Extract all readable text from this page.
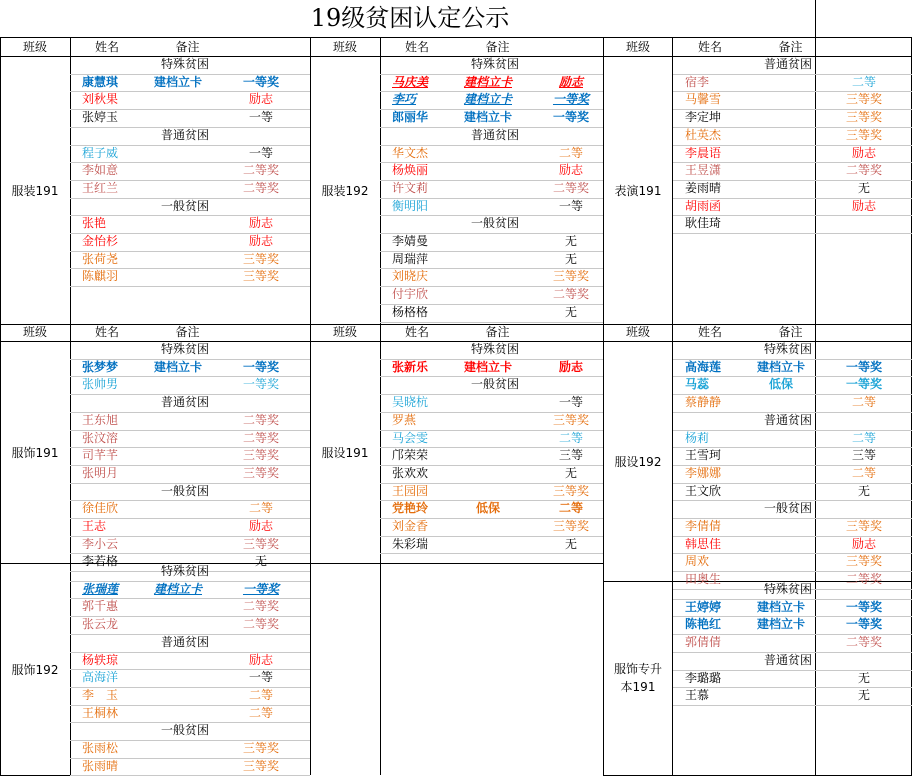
19级贫困认定公示
班级	姓名	备注
服装191
特殊贫困
康慧琪	建档立卡	一等奖
刘秋果	励志
张婷玉	一等
普通贫困
程子威	一等
李如意	二等奖
王红兰	二等奖
一般贫困
张艳	励志
金怡杉	励志
张荷尧	三等奖
陈麒羽	三等奖
班级	姓名	备注
服装192
特殊贫困
马庆美	建档立卡	励志
李巧	建档立卡	一等奖
郎丽华	建档立卡	一等奖
普通贫困
华文杰	二等
杨焕丽	励志
许文莉	二等奖
衡明阳	一等
一般贫困
李婧曼	无
周瑞萍	无
刘晓庆	三等奖
付宇欣	二等奖
杨格格	无
班级	姓名	备注
表演191
普通贫困
宿李	二等
马馨雪	三等奖
李定坤	三等奖
杜英杰	三等奖
李晨语	励志
王昱潇	二等奖
姜雨晴	无
胡雨函	励志
耿佳琦
班级	姓名	备注
服饰191
特殊贫困
张梦梦	建档立卡	一等奖
张帅男	一等奖
普通贫困
王东旭	二等奖
张汶溶	二等奖
司芊芊	三等奖
张明月	三等奖
一般贫困
徐佳欣	二等
王志	励志
李小云	三等奖
李若格	无
班级	姓名	备注
服设191
特殊贫困
张新乐	建档立卡	励志
一般贫困
吴晓杭	一等
罗燕	三等奖
马会雯	二等
邝荣荣	三等
张欢欢	无
王园园	三等奖
党艳玲	低保	二等
刘金香	三等奖
朱彩瑞	无
班级	姓名	备注
服设192
特殊贫困
高海莲	建档立卡	一等奖
马蕊	低保	一等奖
蔡静静	二等
普通贫困
杨莉	二等
王雪珂	三等
李娜娜	二等
王文欣	无
一般贫困
李倩倩	三等奖
韩思佳	励志
周欢	三等奖
田奥生	二等奖
服饰192
特殊贫困
张瑞莲	建档立卡	一等奖
郭千惠	二等奖
张云龙	二等奖
普通贫困
杨轶琼	励志
高海洋	一等
李　玉	二等
王桐林	二等
一般贫困
张雨松	三等奖
张雨晴	三等奖
服饰专升本191
特殊贫困
王婷婷	建档立卡	一等奖
陈艳红	建档立卡	一等奖
郭倩倩	二等奖
普通贫困
李璐璐	无
王慕	无
